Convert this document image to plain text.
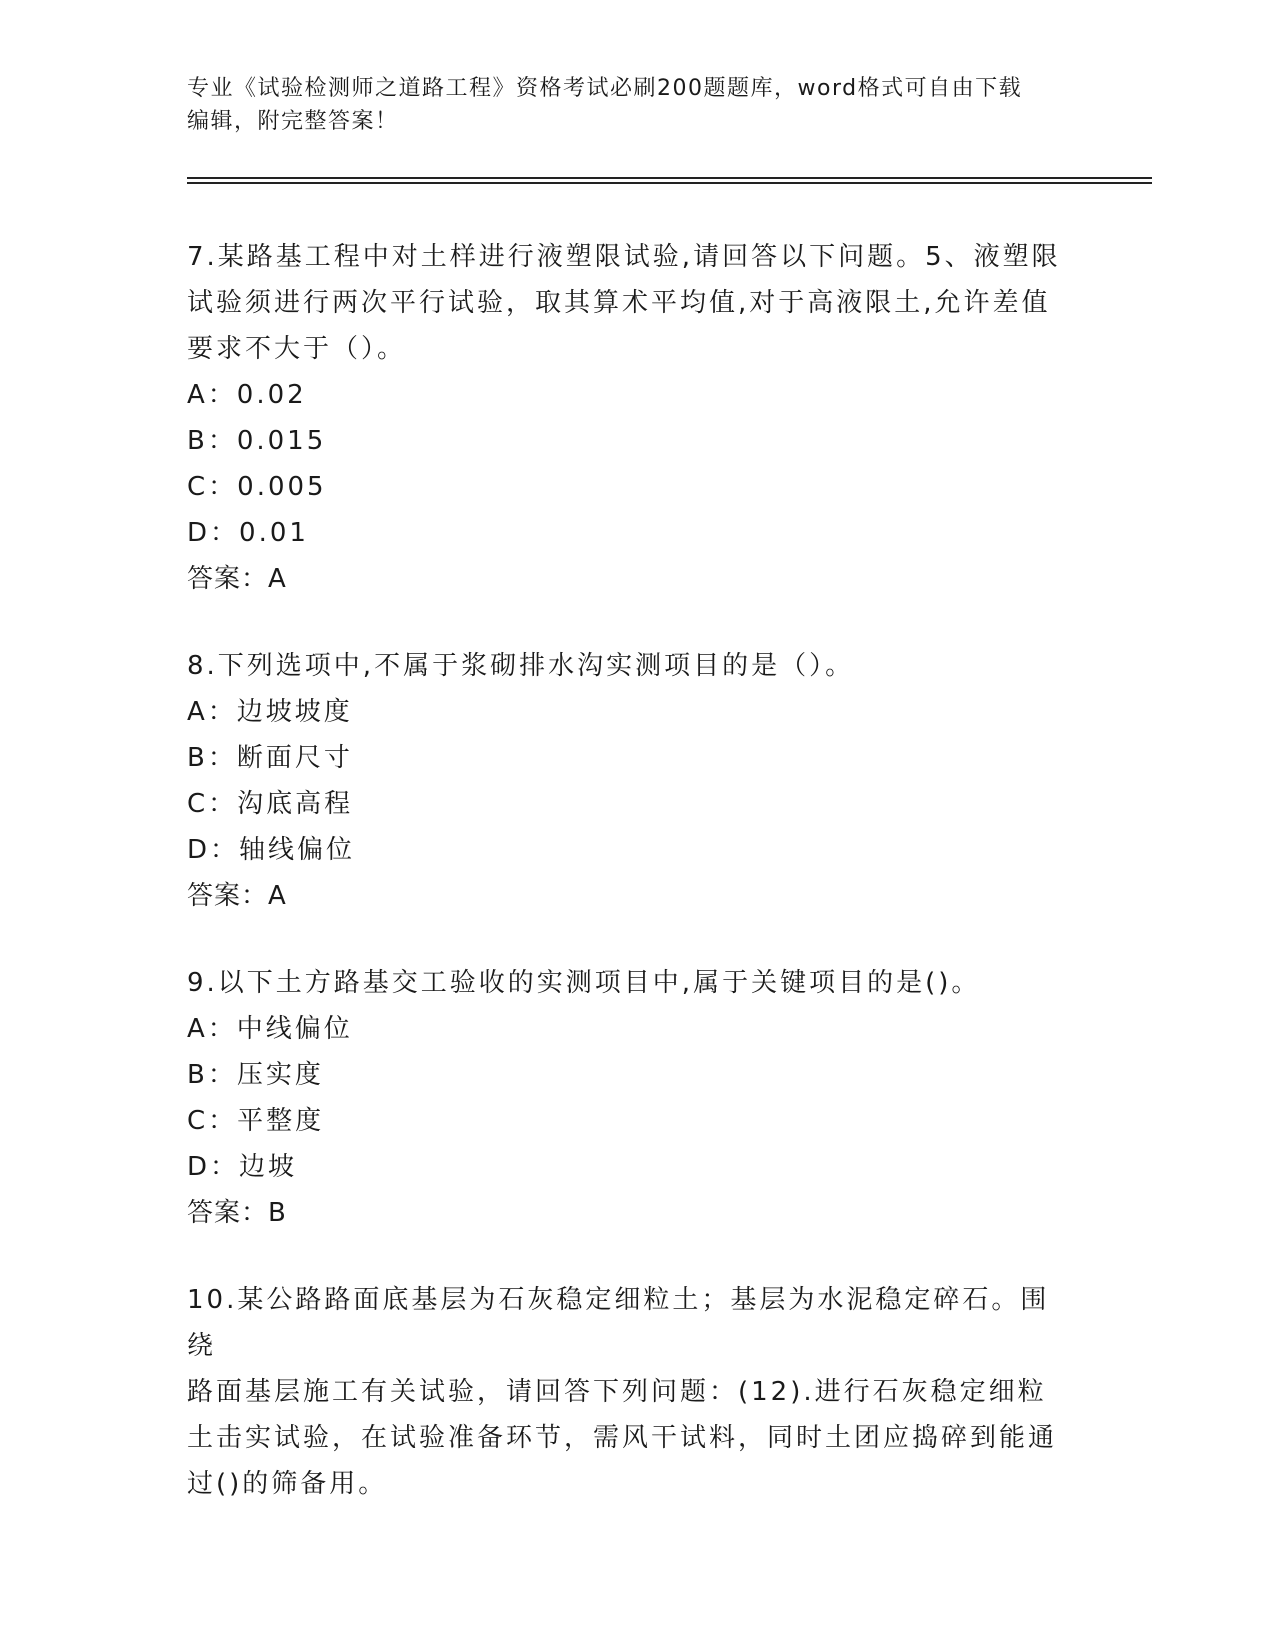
专业《试验检测师之道路工程》资格考试必刷200题题库，word格式可自由下载
编辑，附完整答案！
7.某路基工程中对土样进行液塑限试验,请回答以下问题。5、液塑限
试验须进行两次平行试验，取其算术平均值,对于高液限土,允许差值
要求不大于（）。
A：0.02
B：0.015
C：0.005
D：0.01
答案：A
8.下列选项中,不属于浆砌排水沟实测项目的是（）。
A：边坡坡度
B：断面尺寸
C：沟底高程
D：轴线偏位
答案：A
9.以下土方路基交工验收的实测项目中,属于关键项目的是()。
A：中线偏位
B：压实度
C：平整度
D：边坡
答案：B
10.某公路路面底基层为石灰稳定细粒土；基层为水泥稳定碎石。围绕
路面基层施工有关试验，请回答下列问题：(12).进行石灰稳定细粒
土击实试验，在试验准备环节，需风干试料，同时土团应捣碎到能通
过()的筛备用。
